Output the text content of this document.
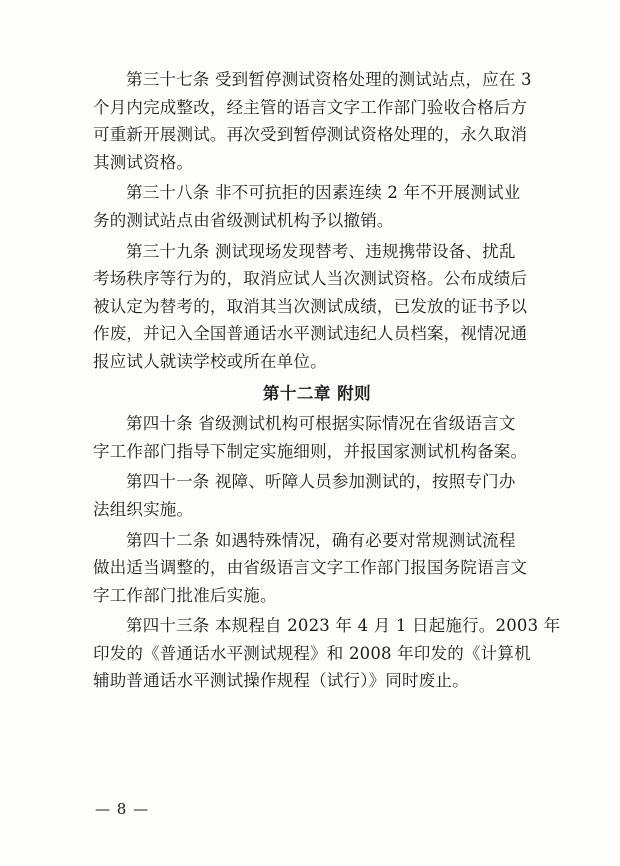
第三十七条 受到暂停测试资格处理的测试站点，应在 3
个月内完成整改，经主管的语言文字工作部门验收合格后方
可重新开展测试。再次受到暂停测试资格处理的，永久取消
其测试资格。

第三十八条 非不可抗拒的因素连续 2 年不开展测试业
务的测试站点由省级测试机构予以撤销。

第三十九条 测试现场发现替考、违规携带设备、扰乱
考场秩序等行为的，取消应试人当次测试资格。公布成绩后
被认定为替考的，取消其当次测试成绩，已发放的证书予以
作废，并记入全国普通话水平测试违纪人员档案，视情况通
报应试人就读学校或所在单位。

第十二章 附则

第四十条 省级测试机构可根据实际情况在省级语言文
字工作部门指导下制定实施细则，并报国家测试机构备案。

第四十一条 视障、听障人员参加测试的，按照专门办
法组织实施。

第四十二条 如遇特殊情况，确有必要对常规测试流程
做出适当调整的，由省级语言文字工作部门报国务院语言文
字工作部门批准后实施。

第四十三条 本规程自 2023 年 4 月 1 日起施行。2003 年
印发的《普通话水平测试规程》和 2008 年印发的《计算机
辅助普通话水平测试操作规程（试行）》同时废止。

— 8 —
